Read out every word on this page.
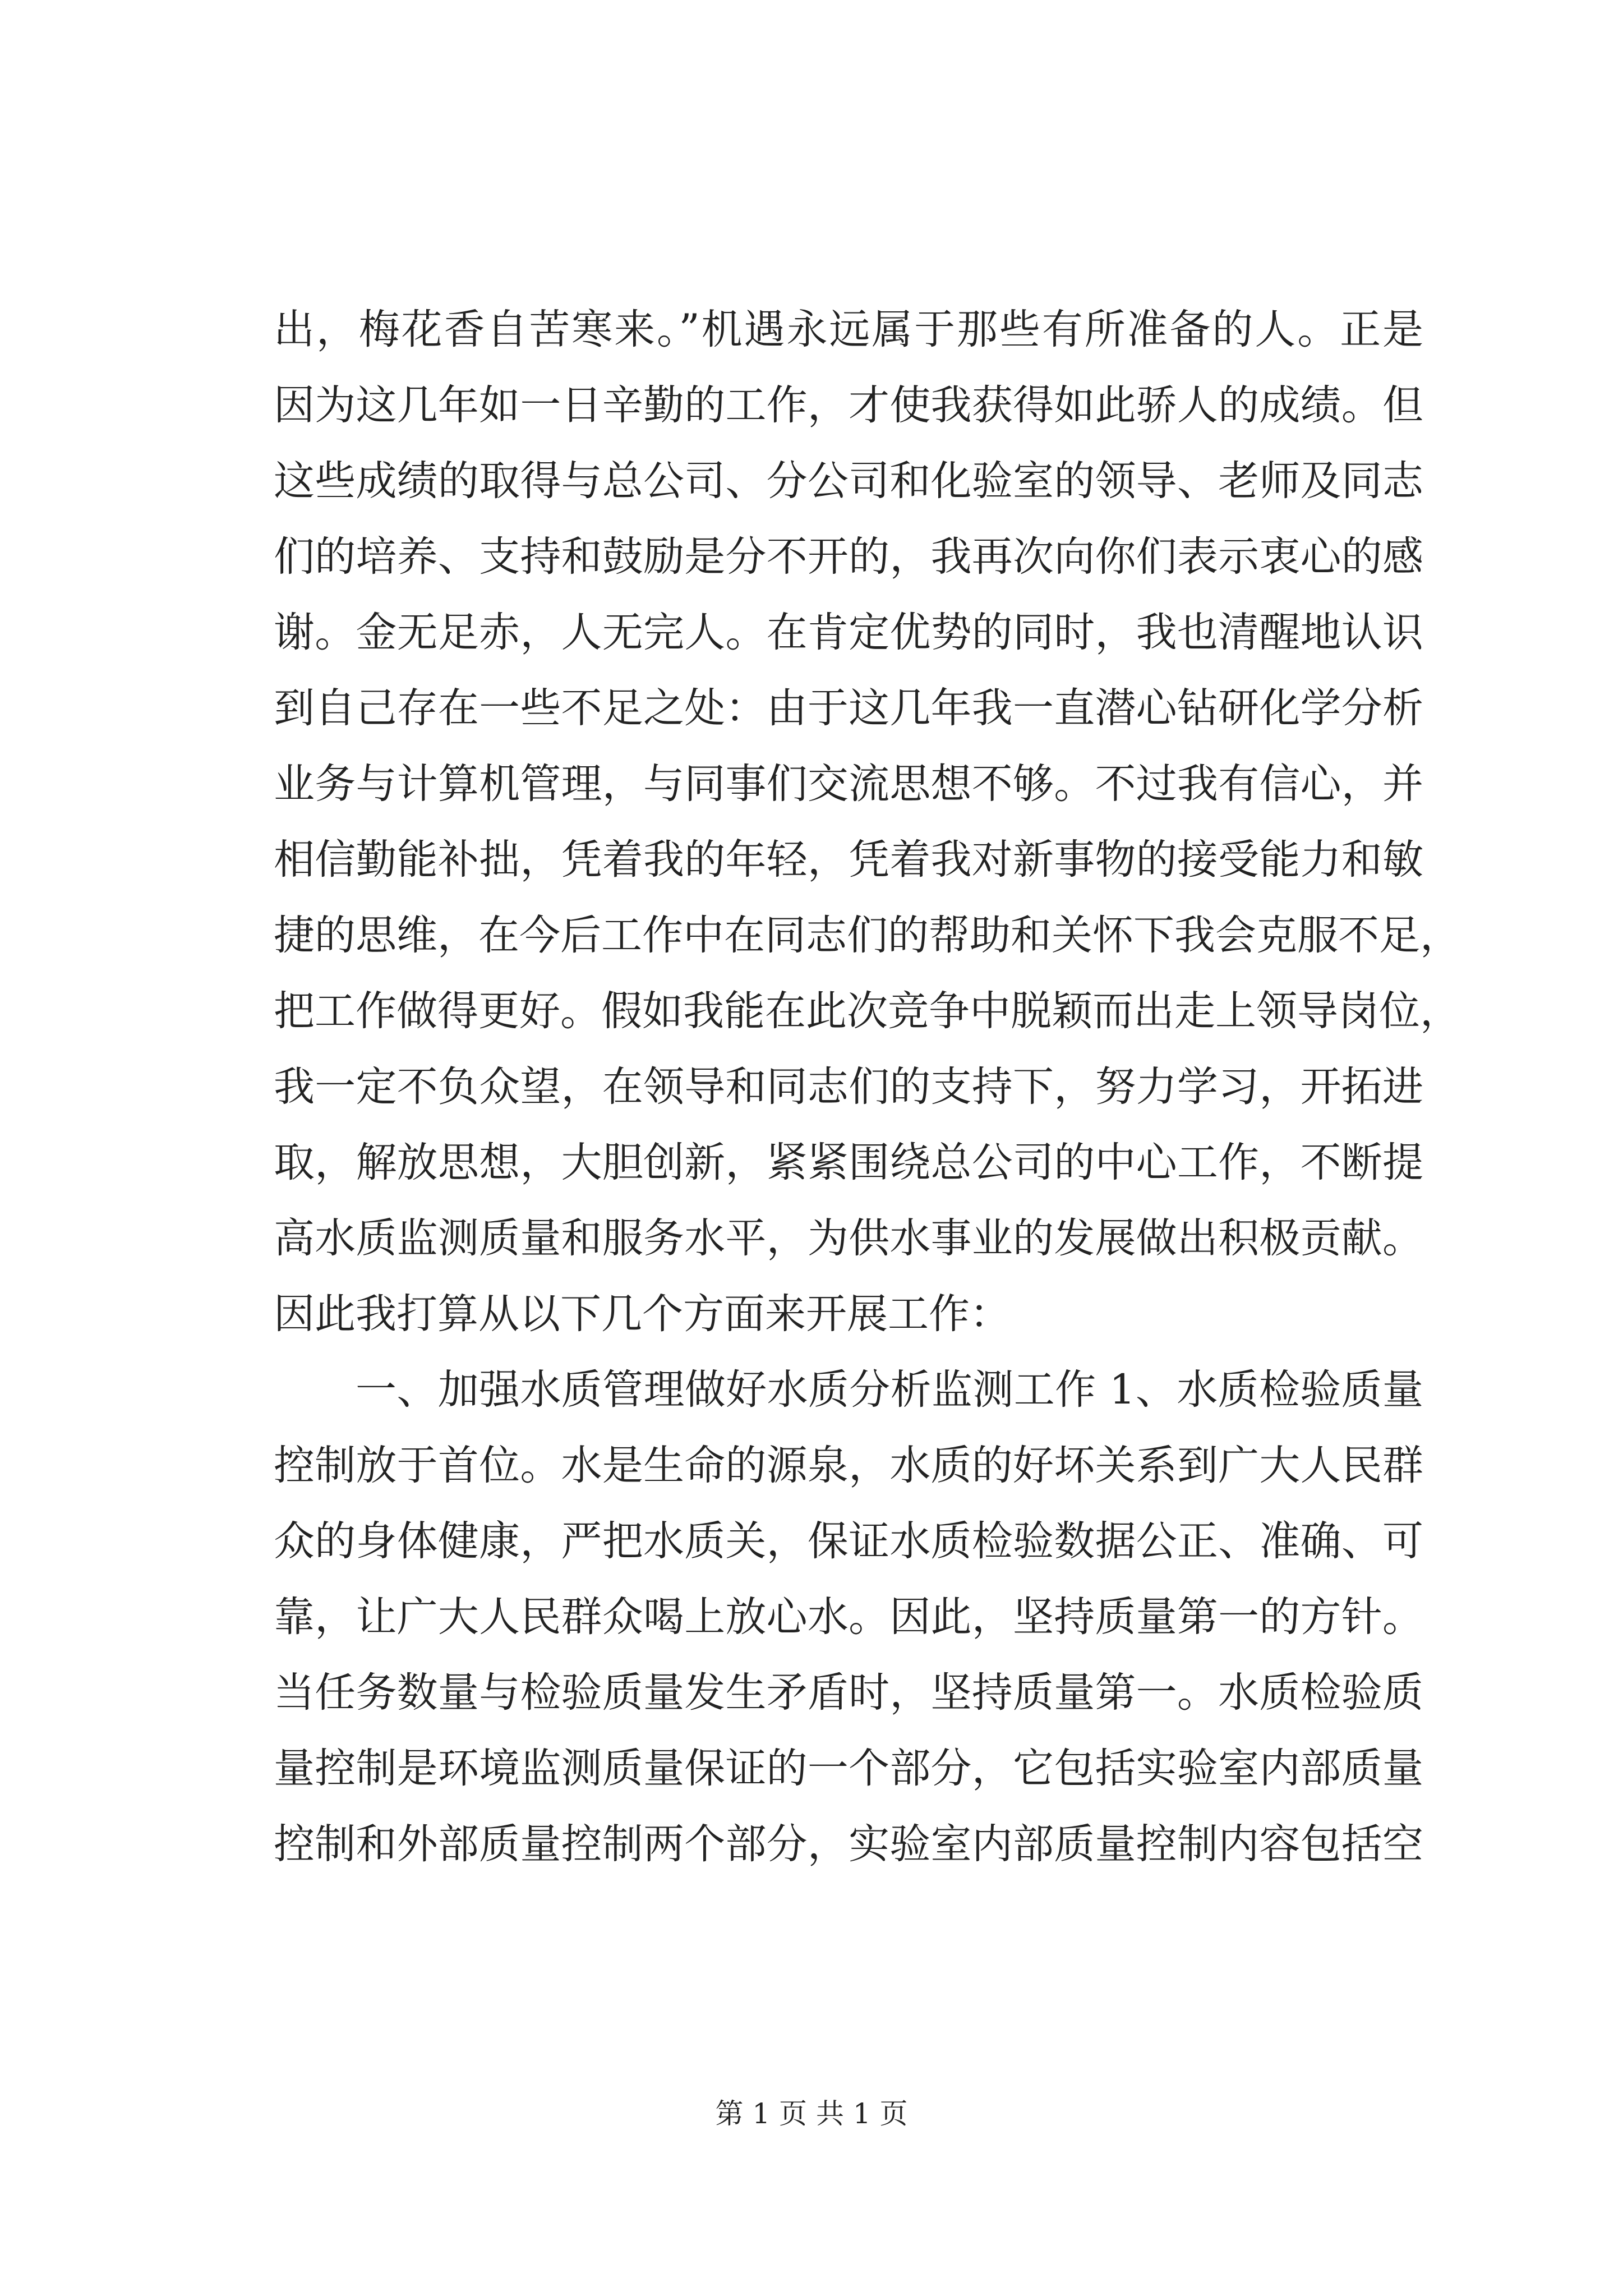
出，梅花香自苦寒来。”机遇永远属于那些有所准备的人。正是
因为这几年如一日辛勤的工作，才使我获得如此骄人的成绩。但
这些成绩的取得与总公司、分公司和化验室的领导、老师及同志
们的培养、支持和鼓励是分不开的，我再次向你们表示衷心的感
谢。金无足赤，人无完人。在肯定优势的同时，我也清醒地认识
到自己存在一些不足之处：由于这几年我一直潜心钻研化学分析
业务与计算机管理，与同事们交流思想不够。不过我有信心，并
相信勤能补拙，凭着我的年轻，凭着我对新事物的接受能力和敏
捷的思维，在今后工作中在同志们的帮助和关怀下我会克服不足，
把工作做得更好。假如我能在此次竞争中脱颖而出走上领导岗位，
我一定不负众望，在领导和同志们的支持下，努力学习，开拓进
取，解放思想，大胆创新，紧紧围绕总公司的中心工作，不断提
高水质监测质量和服务水平，为供水事业的发展做出积极贡献。
因此我打算从以下几个方面来开展工作：
一、加强水质管理做好水质分析监测工作 1、水质检验质量
控制放于首位。水是生命的源泉，水质的好坏关系到广大人民群
众的身体健康，严把水质关，保证水质检验数据公正、准确、可
靠，让广大人民群众喝上放心水。因此，坚持质量第一的方针。
当任务数量与检验质量发生矛盾时，坚持质量第一。水质检验质
量控制是环境监测质量保证的一个部分，它包括实验室内部质量
控制和外部质量控制两个部分，实验室内部质量控制内容包括空
第 1 页 共 1 页
